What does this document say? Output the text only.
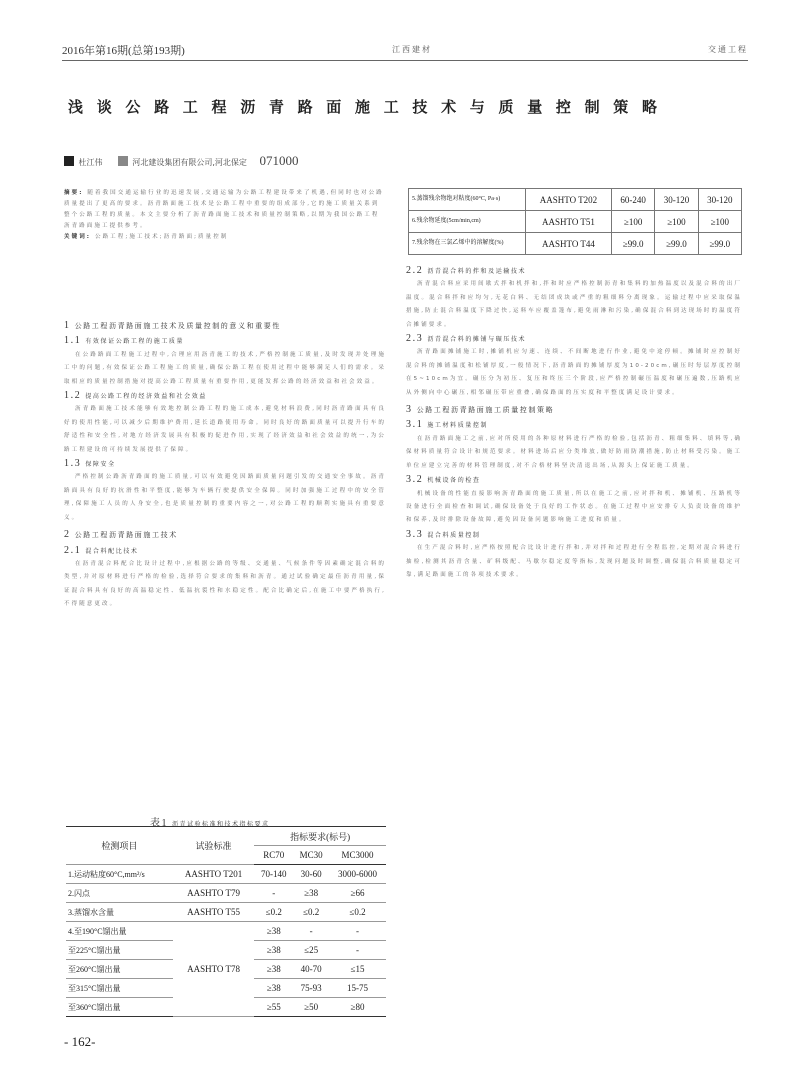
2016年第16期(总第193期)	江西建材	交通工程
浅谈公路工程沥青路面施工技术与质量控制策略
杜江伟	河北建设集团有限公司,河北保定 071000
摘要: 随着我国交通运输行业的迅速发展,交通运输为公路工程建设带来了机遇,但同时也对公路质量提出了更高的要求。沥青路面施工技术是公路工程中重要的组成部分,它的施工质量关系到整个公路工程的质量。本文主要分析了沥青路面施工技术和质量控制策略,以期为我国公路工程沥青路面施工提供参考。
关键词: 公路工程;施工技术;沥青路面;质量控制
1 公路工程沥青路面施工技术及质量控制的意义和重要性
1.1 有效保证公路工程的施工质量

在公路路面工程施工过程中,合理应用沥青施工的技术,严格控制施工质量,及时发现并处理施工中的问题,有效保证公路工程施工的质量,确保公路工程在使用过程中能够满足人们的需求。采取相应的质量控制措施对提高公路工程质量有重要作用,更能发挥公路的经济效益和社会效益。

1.2 提高公路工程的经济效益和社会效益

沥青路面施工技术能够有效地控制公路工程的施工成本,避免材料浪费,同时沥青路面具有良好的使用性能,可以减少后期维护费用,延长道路使用寿命。同时良好的路面质量可以提升行车的舒适性和安全性,对地方经济发展具有积极的促进作用,实现了经济效益和社会效益的统一,为公路工程建设的可持续发展提供了保障。

1.3 保障安全

严格控制公路沥青路面的施工质量,可以有效避免因路面质量问题引发的交通安全事故。沥青路面具有良好的抗滑性和平整度,能够为车辆行驶提供安全保障。同时加强施工过程中的安全管理,保障施工人员的人身安全,也是质量控制的重要内容之一,对公路工程的顺利实施具有重要意义。

2 公路工程沥青路面施工技术
2.1 混合料配比技术

在沥青混合料配合比设计过程中,应根据公路的等级、交通量、气候条件等因素确定混合料的类型,并对原材料进行严格的检验,选择符合要求的集料和沥青。通过试验确定最佳沥青用量,保证混合料具有良好的高温稳定性、低温抗裂性和水稳定性。配合比确定后,在施工中要严格执行,不得随意更改。

表1 沥青试验标准和技术指标要求
检测项目	试验标准	指标要求(标号)		
		RC70	MC30	MC3000
1.运动粘度60°C,mm²/s	AASHTO T201	70-140	30-60	3000-6000
2.闪点	AASHTO T79	-	≥38	≥66
3.蒸馏水含量	AASHTO T55	≤0.2	≤0.2	≤0.2
4.至190°C馏出量	AASHTO T78	≥38	-	-
至225°C馏出量		≥38	≤25	-
至260°C馏出量		≥38	40-70	≤15
至315°C馏出量		≥38	75-93	15-75
至360°C馏出量		≥55	≥50	≥80
5.蒸馏残余物绝对粘度(60°C, Pa·s)	AASHTO T202	60-240	30-120	30-120
6.残余物延度(5cm/min,cm)	AASHTO T51	≥100	≥100	≥100
7.残余物在三氯乙烯中的溶解度(%)	AASHTO T44	≥99.0	≥99.0	≥99.0
2.2 沥青混合料的拌和及运输技术

沥青混合料应采用间歇式拌和机拌和,拌和时应严格控制沥青和集料的加热温度以及混合料的出厂温度。混合料拌和应均匀,无花白料、无结团成块或严重的粗细料分离现象。运输过程中应采取保温措施,防止混合料温度下降过快,运料车应覆盖篷布,避免雨淋和污染,确保混合料到达现场时的温度符合摊铺要求。

2.3 沥青混合料的摊铺与碾压技术

沥青路面摊铺施工时,摊铺机应匀速、连续、不间断地进行作业,避免中途停顿。摊铺时应控制好混合料的摊铺温度和松铺厚度,一般情况下,沥青路面的摊铺厚度为10-20cm,碾压时每层厚度控制在5~10cm为宜。碾压分为初压、复压和终压三个阶段,应严格控制碾压温度和碾压遍数,压路机应从外侧向中心碾压,相邻碾压带应重叠,确保路面的压实度和平整度满足设计要求。

3 公路工程沥青路面施工质量控制策略
3.1 施工材料质量控制

在沥青路面施工之前,应对所使用的各种原材料进行严格的检验,包括沥青、粗细集料、填料等,确保材料质量符合设计和规范要求。材料进场后应分类堆放,做好防雨防潮措施,防止材料受污染。施工单位应建立完善的材料管理制度,对不合格材料坚决清退出场,从源头上保证施工质量。

3.2 机械设备的检查

机械设备的性能直接影响沥青路面的施工质量,所以在施工之前,应对拌和机、摊铺机、压路机等设备进行全面检查和调试,确保设备处于良好的工作状态。在施工过程中应安排专人负责设备的维护和保养,及时排除设备故障,避免因设备问题影响施工进度和质量。

3.3 混合料质量控制

在生产混合料时,应严格按照配合比设计进行拌和,并对拌和过程进行全程监控,定期对混合料进行抽检,检测其沥青含量、矿料级配、马歇尔稳定度等指标,发现问题及时调整,确保混合料质量稳定可靠,满足路面施工的各项技术要求。

- 162-
